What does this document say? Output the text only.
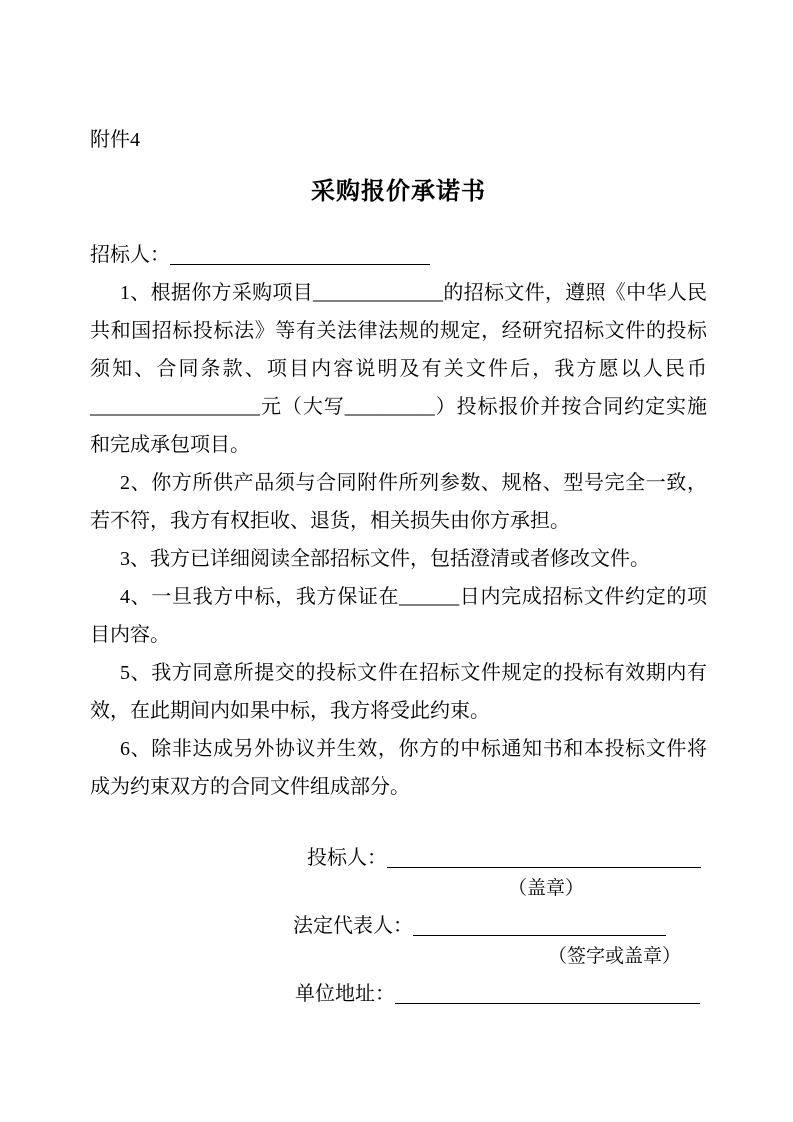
附件4
采购报价承诺书
招标人：

1、根据你方采购项目_____________的招标文件，遵照《中华人民共和国招标投标法》等有关法律法规的规定，经研究招标文件的投标须知、合同条款、项目内容说明及有关文件后，我方愿以人民币_________________元（大写_________）投标报价并按合同约定实施和完成承包项目。

2、你方所供产品须与合同附件所列参数、规格、型号完全一致，若不符，我方有权拒收、退货，相关损失由你方承担。

3、我方已详细阅读全部招标文件，包括澄清或者修改文件。

4、一旦我方中标，我方保证在______日内完成招标文件约定的项目内容。

5、我方同意所提交的投标文件在招标文件规定的投标有效期内有效，在此期间内如果中标，我方将受此约束。

6、除非达成另外协议并生效，你方的中标通知书和本投标文件将成为约束双方的合同文件组成部分。

投标人：
（盖章）
法定代表人：
（签字或盖章）
单位地址：
